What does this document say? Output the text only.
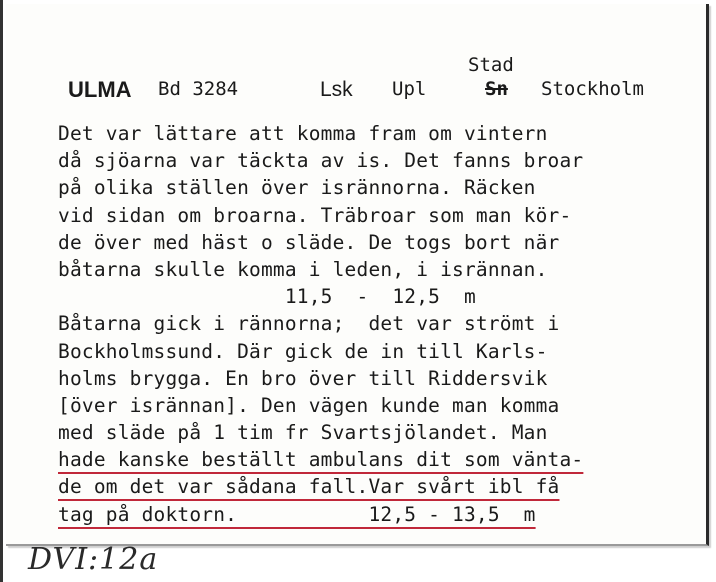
Stad
ULMA Bd 3284	Lsk Upl	Sn Stockholm
Det var lättare att komma fram om vintern
då sjöarna var täckta av is. Det fanns broar
på olika ställen över isrännorna. Räcken
vid sidan om broarna. Träbroar som man kör-
de över med häst o släde. De togs bort när
båtarna skulle komma i leden, i isrännan.
11,5  -  12,5  m
Båtarna gick i rännorna;  det var strömt i
Bockholmssund. Där gick de in till Karls-
holms brygga. En bro över till Riddersvik
[över isrännan]. Den vägen kunde man komma
med släde på 1 tim fr Svartsjölandet. Man
hade kanske beställt ambulans dit som vänta-
de om det var sådana fall.Var svårt ibl få
tag på doktorn.           12,5 - 13,5  m
DVI:12a
